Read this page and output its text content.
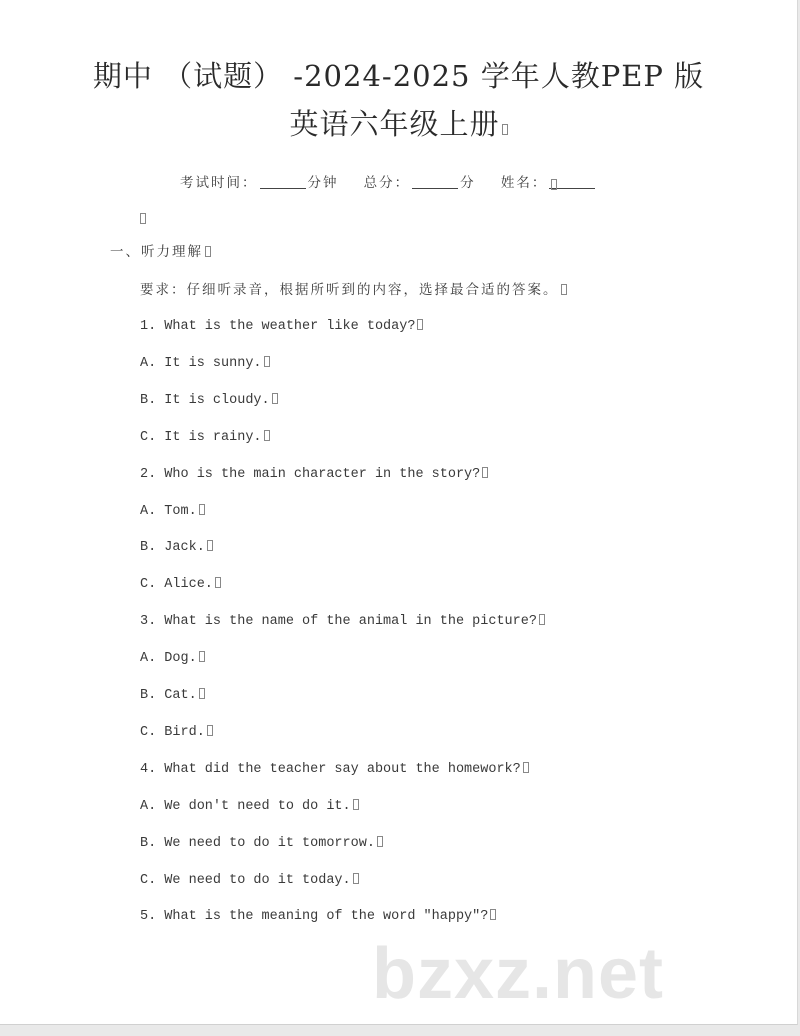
期中 （试题） -2024-2025 学年人教PEP 版
英语六年级上册
考试时间：	分钟 总分：	分 姓名：
一、听力理解
要求：仔细听录音，根据所听到的内容，选择最合适的答案。
1. What is the weather like today?
A. It is sunny.
B. It is cloudy.
C. It is rainy.
2. Who is the main character in the story?
A. Tom.
B. Jack.
C. Alice.
3. What is the name of the animal in the picture?
A. Dog.
B. Cat.
C. Bird.
4. What did the teacher say about the homework?
A. We don't need to do it.
B. We need to do it tomorrow.
C. We need to do it today.
5. What is the meaning of the word "happy"?
bzxz.net
